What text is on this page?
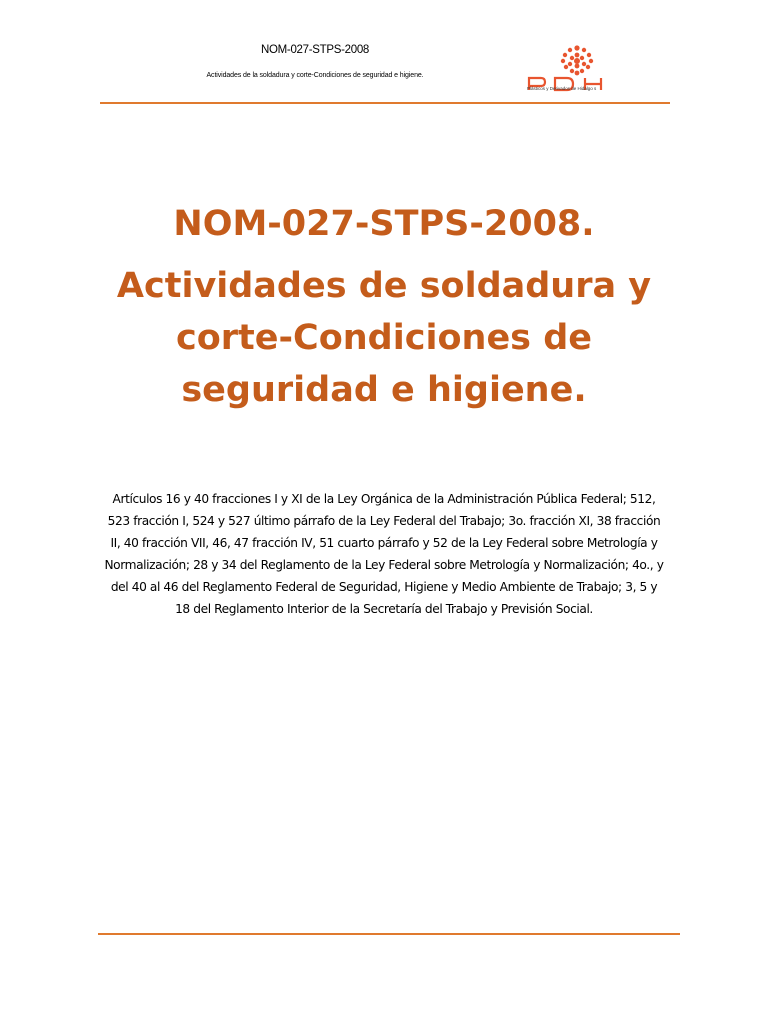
NOM-027-STPS-2008
Actividades de la soldadura y corte-Condiciones de seguridad e higiene.
Plásticos y Derivados de Hidalgo s
NOM-027-STPS-2008.
Actividades de soldadura y corte-Condiciones de seguridad e higiene.
Artículos 16 y 40 fracciones I y XI de la Ley Orgánica de la Administración Pública Federal; 512, 523 fracción I, 524 y 527 último párrafo de la Ley Federal del Trabajo; 3o. fracción XI, 38 fracción II, 40 fracción VII, 46, 47 fracción IV, 51 cuarto párrafo y 52 de la Ley Federal sobre Metrología y Normalización; 28 y 34 del Reglamento de la Ley Federal sobre Metrología y Normalización; 4o., y del 40 al 46 del Reglamento Federal de Seguridad, Higiene y Medio Ambiente de Trabajo; 3, 5 y 18 del Reglamento Interior de la Secretaría del Trabajo y Previsión Social.
